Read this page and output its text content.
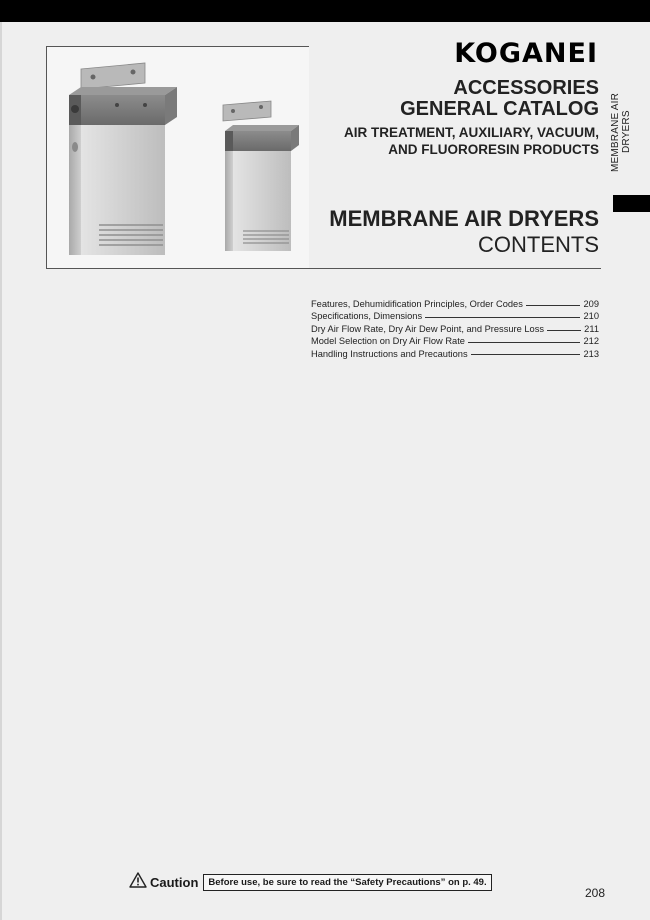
KOGANEI
ACCESSORIES
GENERAL CATALOG
AIR TREATMENT, AUXILIARY, VACUUM,
AND FLUORORESIN PRODUCTS
MEMBRANE AIR DRYERS
CONTENTS
MEMBRANE AIR DRYERS
Features, Dehumidification Principles, Order Codes	209
Specifications, Dimensions	210
Dry Air Flow Rate, Dry Air Dew Point, and Pressure Loss	211
Model Selection on Dry Air Flow Rate	212
Handling Instructions and Precautions	213
Caution	Before use, be sure to read the “Safety Precautions” on p. 49.
208
